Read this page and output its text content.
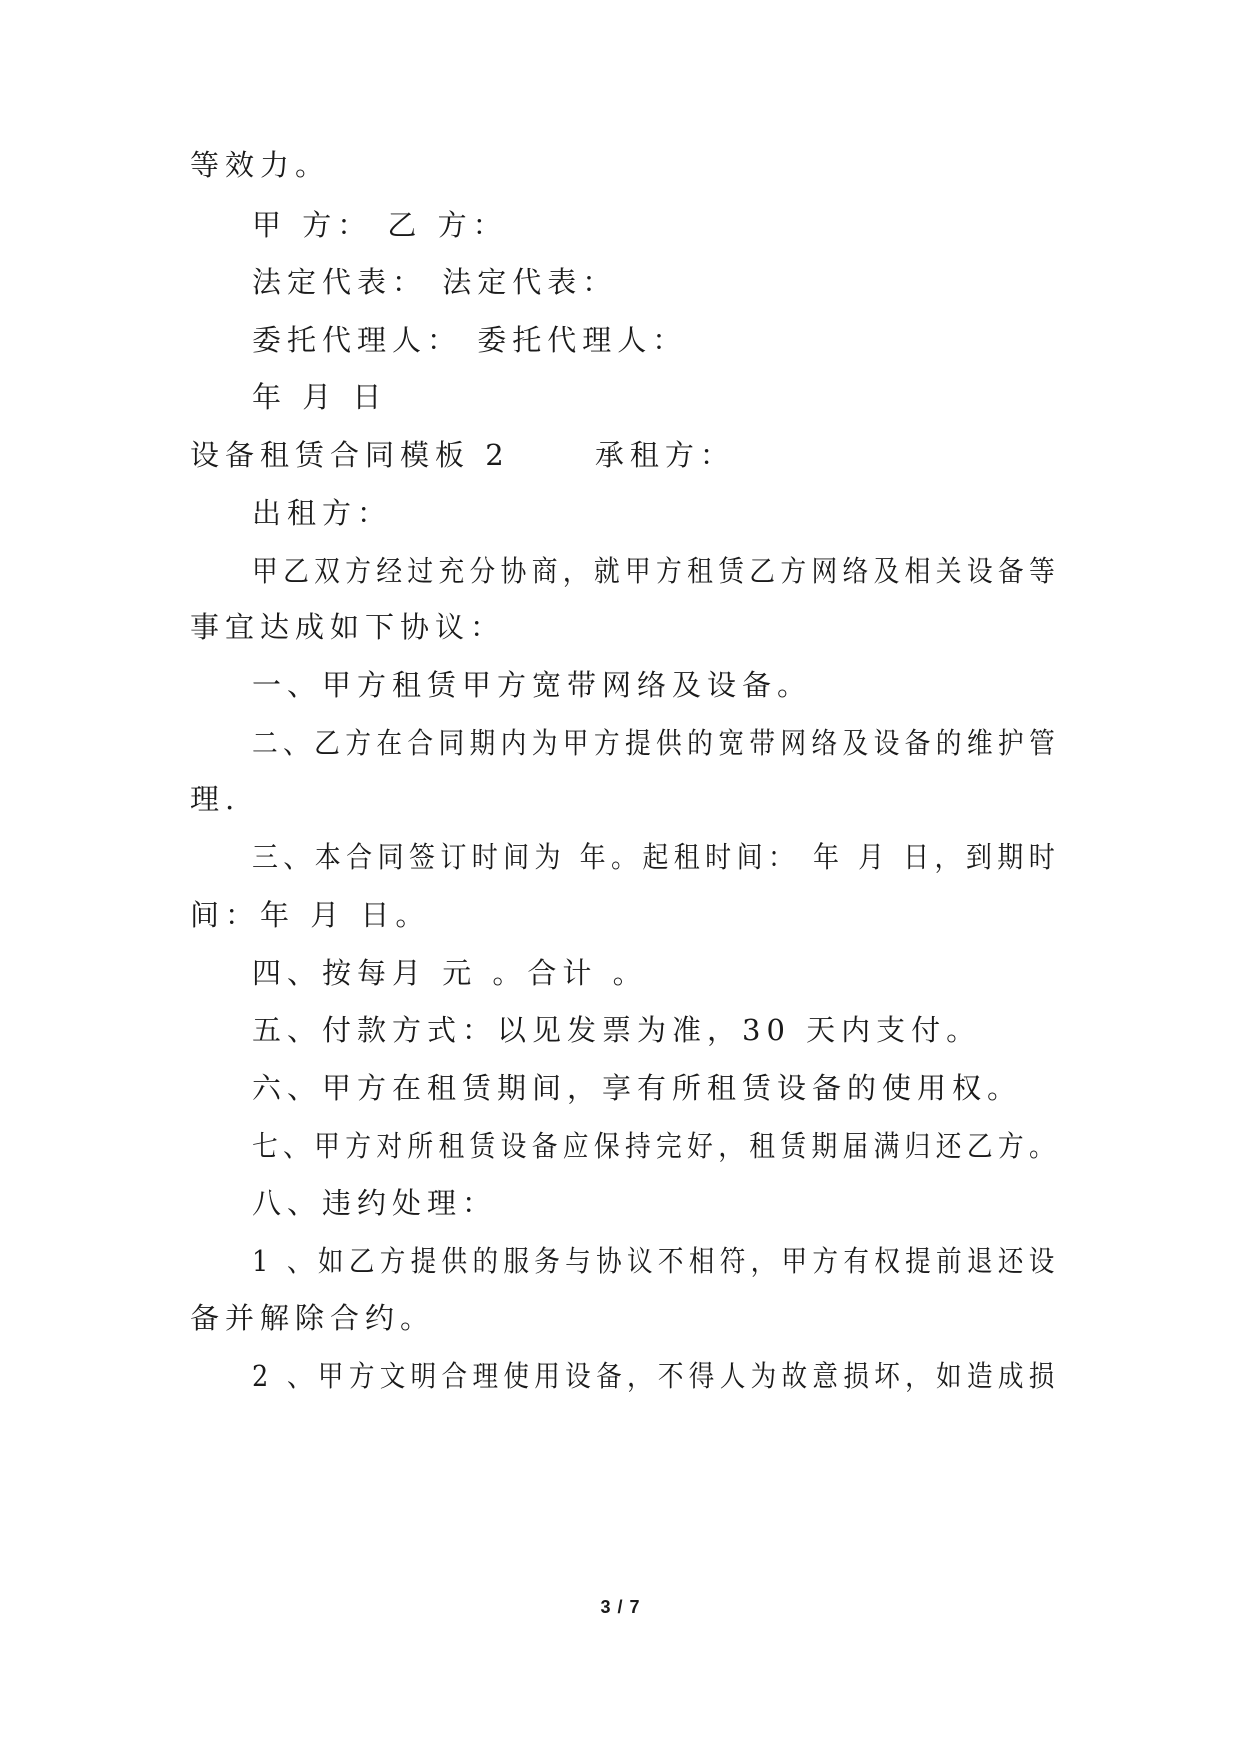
等效力。
甲 方： 乙 方：
法定代表： 法定代表：
委托代理人： 委托代理人：
年 月 日
设备租赁合同模板 2　　 承租方：
出租方：
甲乙双方经过充分协商，就甲方租赁乙方网络及相关设备等
事宜达成如下协议：
一、甲方租赁甲方宽带网络及设备。
二、乙方在合同期内为甲方提供的宽带网络及设备的维护管
理.
三、本合同签订时间为 年。起租时间： 年 月 日，到期时
间：年 月 日。
四、按每月 元 。合计 。
五、付款方式：以见发票为准，30 天内支付。
六、甲方在租赁期间，享有所租赁设备的使用权。
七、甲方对所租赁设备应保持完好，租赁期届满归还乙方。
八、违约处理：
1 、如乙方提供的服务与协议不相符，甲方有权提前退还设
备并解除合约。
2 、甲方文明合理使用设备，不得人为故意损坏，如造成损
3 / 7
